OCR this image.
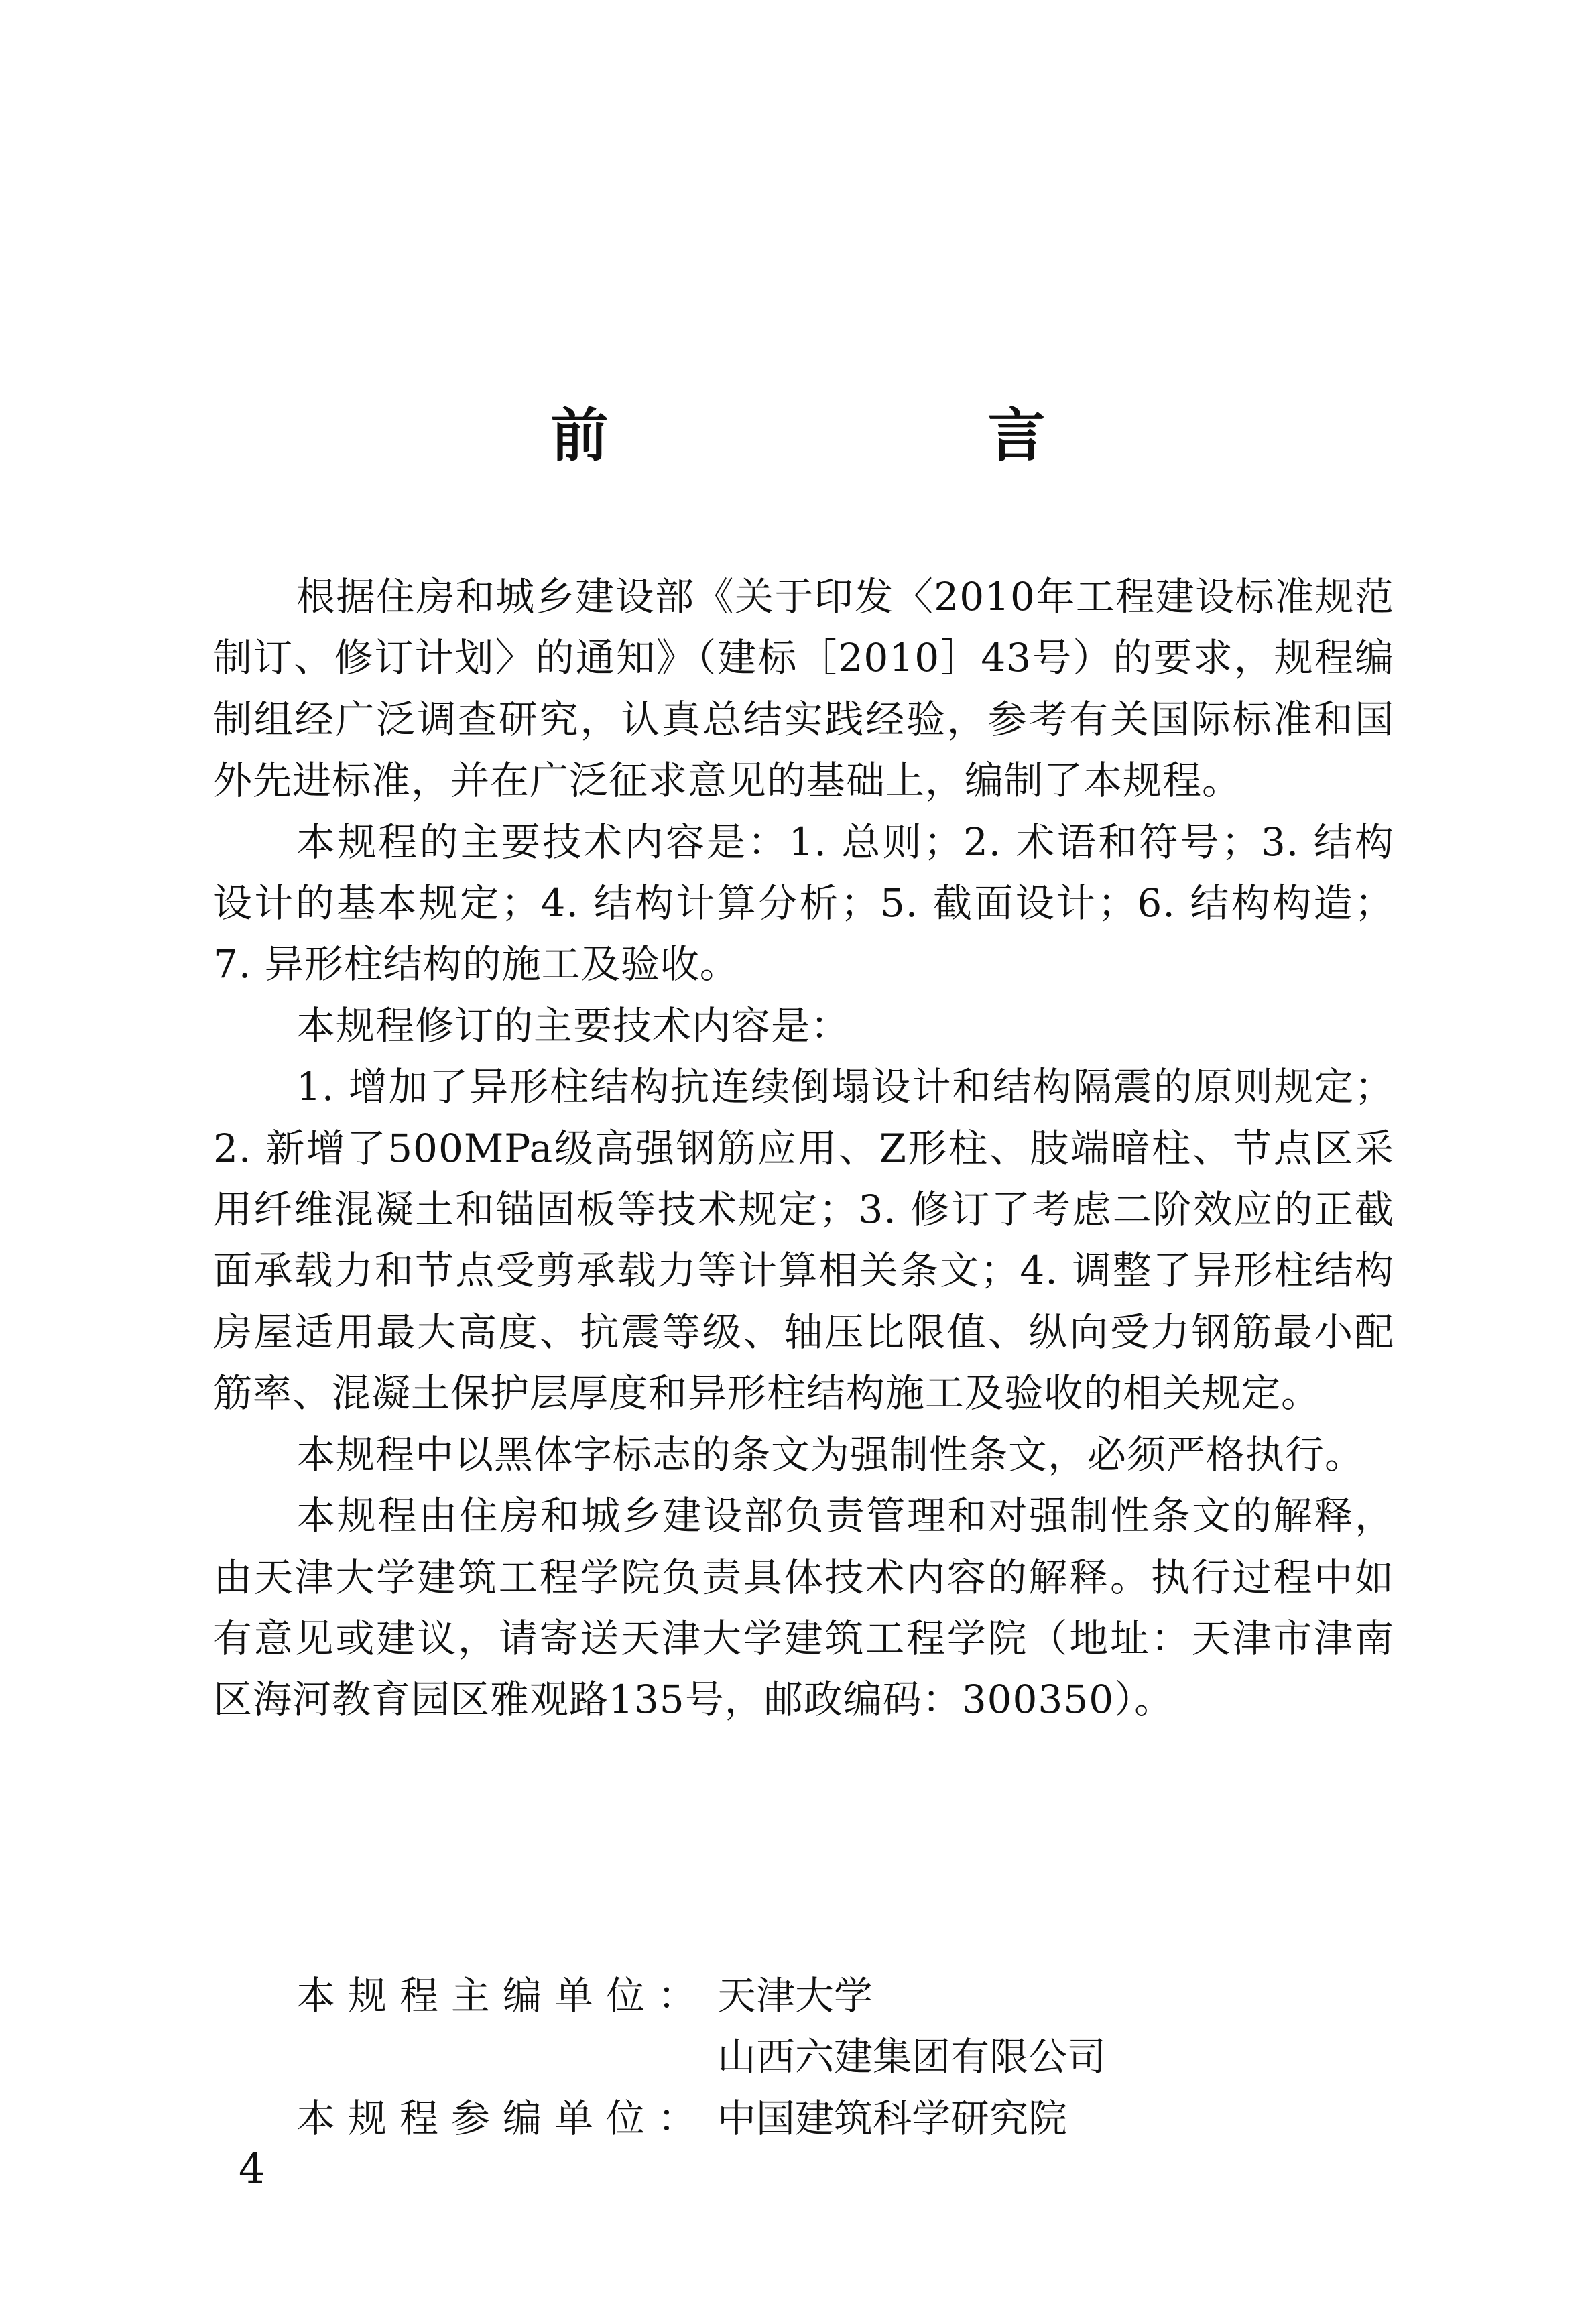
前　言

根据住房和城乡建设部《关于印发〈2010年工程建设标准规范制订、修订计划〉的通知》（建标［2010］43号）的要求，规程编制组经广泛调查研究，认真总结实践经验，参考有关国际标准和国外先进标准，并在广泛征求意见的基础上，编制了本规程。

本规程的主要技术内容是：1. 总则；2. 术语和符号；3. 结构设计的基本规定；4. 结构计算分析；5. 截面设计；6. 结构构造；7. 异形柱结构的施工及验收。

本规程修订的主要技术内容是：

1. 增加了异形柱结构抗连续倒塌设计和结构隔震的原则规定；2. 新增了500MPa级高强钢筋应用、Z形柱、肢端暗柱、节点区采用纤维混凝土和锚固板等技术规定；3. 修订了考虑二阶效应的正截面承载力和节点受剪承载力等计算相关条文；4. 调整了异形柱结构房屋适用最大高度、抗震等级、轴压比限值、纵向受力钢筋最小配筋率、混凝土保护层厚度和异形柱结构施工及验收的相关规定。

本规程中以黑体字标志的条文为强制性条文，必须严格执行。

本规程由住房和城乡建设部负责管理和对强制性条文的解释，由天津大学建筑工程学院负责具体技术内容的解释。执行过程中如有意见或建议，请寄送天津大学建筑工程学院（地址：天津市津南区海河教育园区雅观路135号，邮政编码：300350）。

本规程主编单位： 天津大学
山西六建集团有限公司
本规程参编单位： 中国建筑科学研究院
4
